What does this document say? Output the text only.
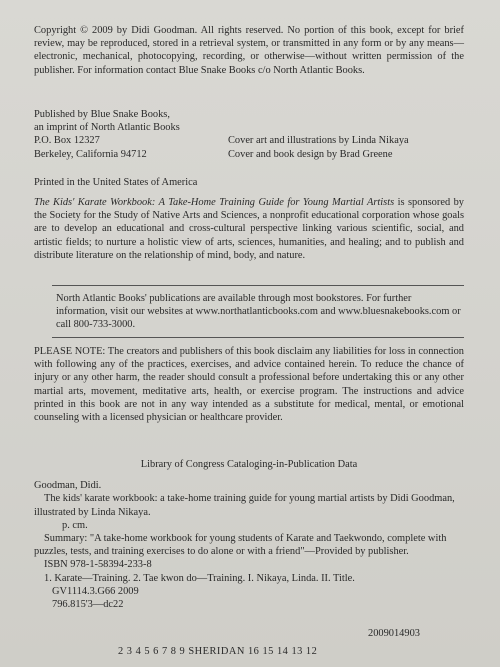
Copyright © 2009 by Didi Goodman. All rights reserved. No portion of this book, except for brief review, may be reproduced, stored in a retrieval system, or transmitted in any form or by any means—electronic, mechanical, photocopying, recording, or otherwise—without written permission of the publisher. For information contact Blue Snake Books c/o North Atlantic Books.

Published by Blue Snake Books,
an imprint of North Atlantic Books
P.O. Box 12327	Cover art and illustrations by Linda Nikaya
Berkeley, California 94712	Cover and book design by Brad Greene
Printed in the United States of America

The Kids' Karate Workbook: A Take-Home Training Guide for Young Martial Artists is sponsored by the Society for the Study of Native Arts and Sciences, a nonprofit educational corporation whose goals are to develop an educational and cross-cultural perspective linking various scientific, social, and artistic fields; to nurture a holistic view of arts, sciences, humanities, and healing; and to publish and distribute literature on the relationship of mind, body, and nature.

North Atlantic Books' publications are available through most bookstores. For further information, visit our websites at www.northatlanticbooks.com and www.bluesnakebooks.com or call 800-733-3000.

PLEASE NOTE: The creators and publishers of this book disclaim any liabilities for loss in connection with following any of the practices, exercises, and advice contained herein. To reduce the chance of injury or any other harm, the reader should consult a professional before undertaking this or any other martial arts, movement, meditative arts, health, or exercise program. The instructions and advice printed in this book are not in any way intended as a substitute for medical, mental, or emotional counseling with a licensed physician or healthcare provider.

Library of Congress Cataloging-in-Publication Data
Goodman, Didi.

The kids' karate workbook: a take-home training guide for young martial artists by Didi Goodman, illustrated by Linda Nikaya.

p. cm.

Summary: "A take-home workbook for young students of Karate and Taekwondo, complete with puzzles, tests, and training exercises to do alone or with a friend"—Provided by publisher.

ISBN 978-1-58394-233-8
1. Karate—Training. 2. Tae kwon do—Training. I. Nikaya, Linda. II. Title.
GV1114.3.G66 2009
796.815'3—dc22
2009014903
2 3 4 5 6 7 8 9 SHERIDAN 16 15 14 13 12
